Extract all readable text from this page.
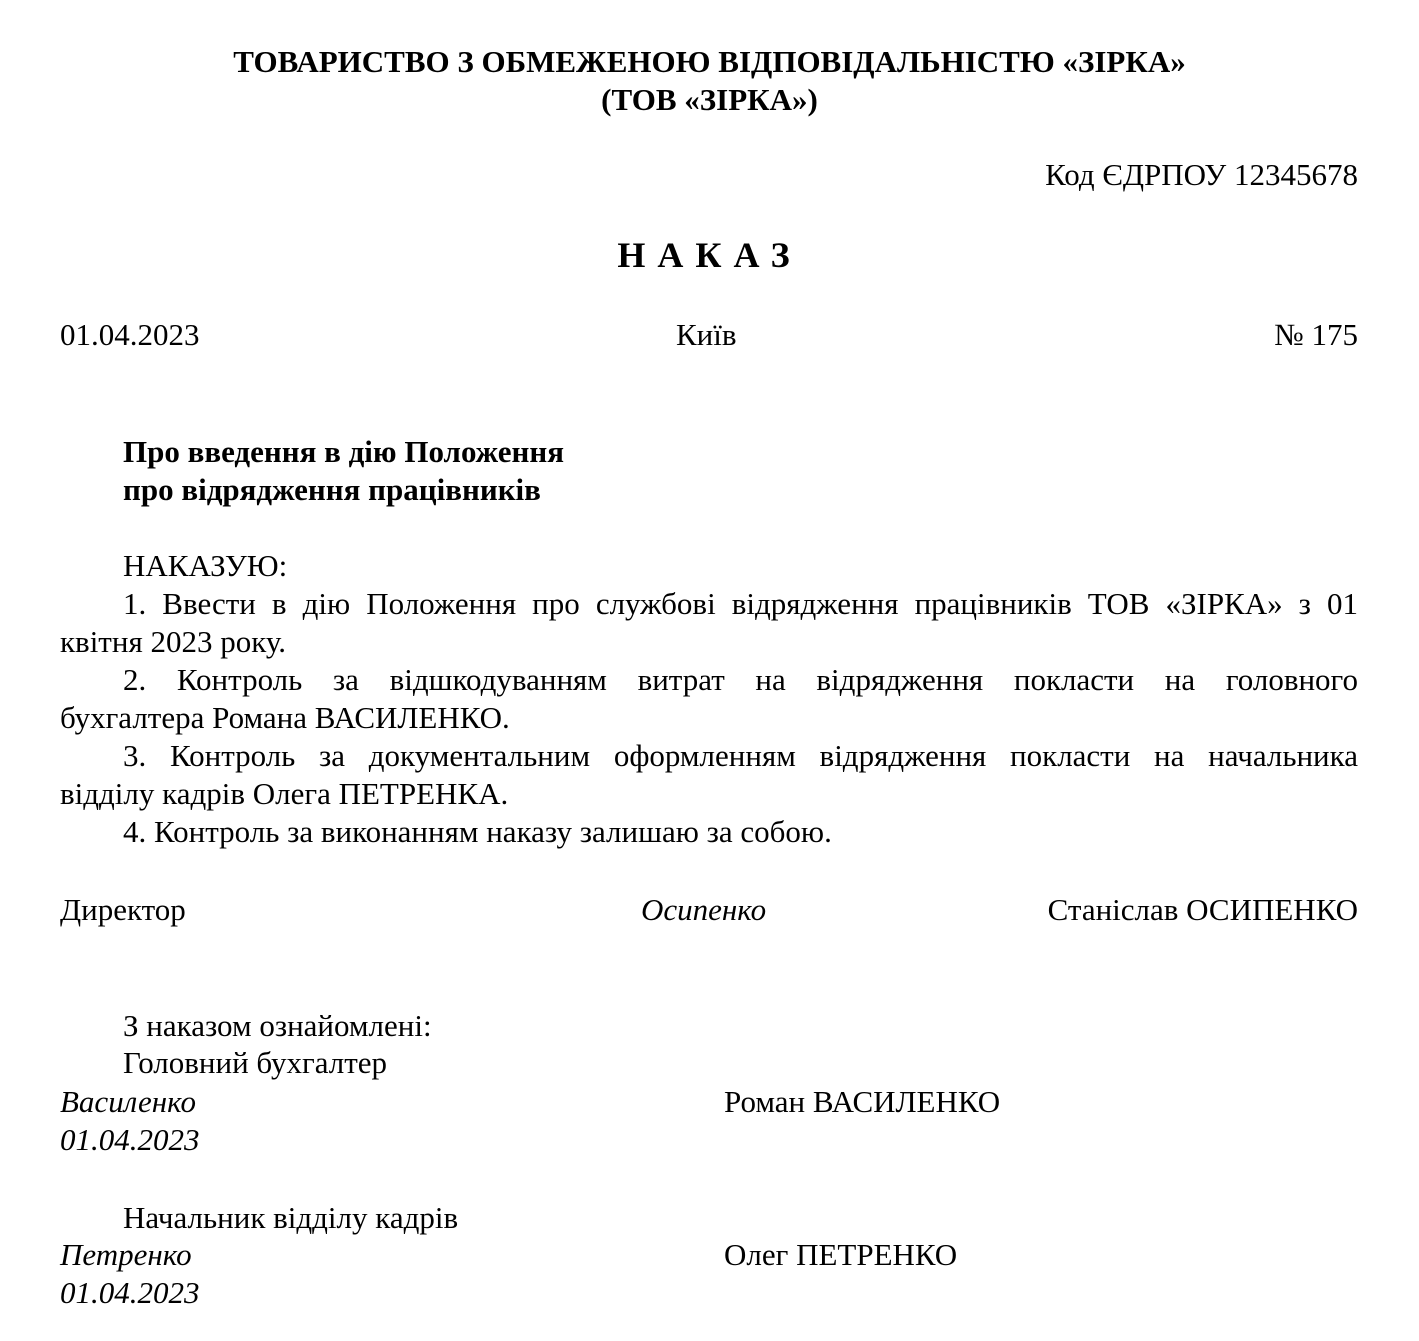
ТОВАРИСТВО З ОБМЕЖЕНОЮ ВІДПОВІДАЛЬНІСТЮ «ЗІРКА»
(ТОВ «ЗІРКА»)
Код ЄДРПОУ 12345678
НАКАЗ
01.04.2023	Київ	№ 175
Про введення в дію Положення
про відрядження працівників
НАКАЗУЮ:
1. Ввести в дію Положення про службові відрядження працівників ТОВ «ЗІРКА» з 01
квітня 2023 року.
2. Контроль за відшкодуванням витрат на відрядження покласти на головного
бухгалтера Романа ВАСИЛЕНКО.
3. Контроль за документальним оформленням відрядження покласти на начальника
відділу кадрів Олега ПЕТРЕНКА.
4. Контроль за виконанням наказу залишаю за собою.
Директор	Осипенко	Станіслав ОСИПЕНКО
З наказом ознайомлені:
Головний бухгалтер
Василенко	Роман ВАСИЛЕНКО
01.04.2023
Начальник відділу кадрів
Петренко	Олег ПЕТРЕНКО
01.04.2023
